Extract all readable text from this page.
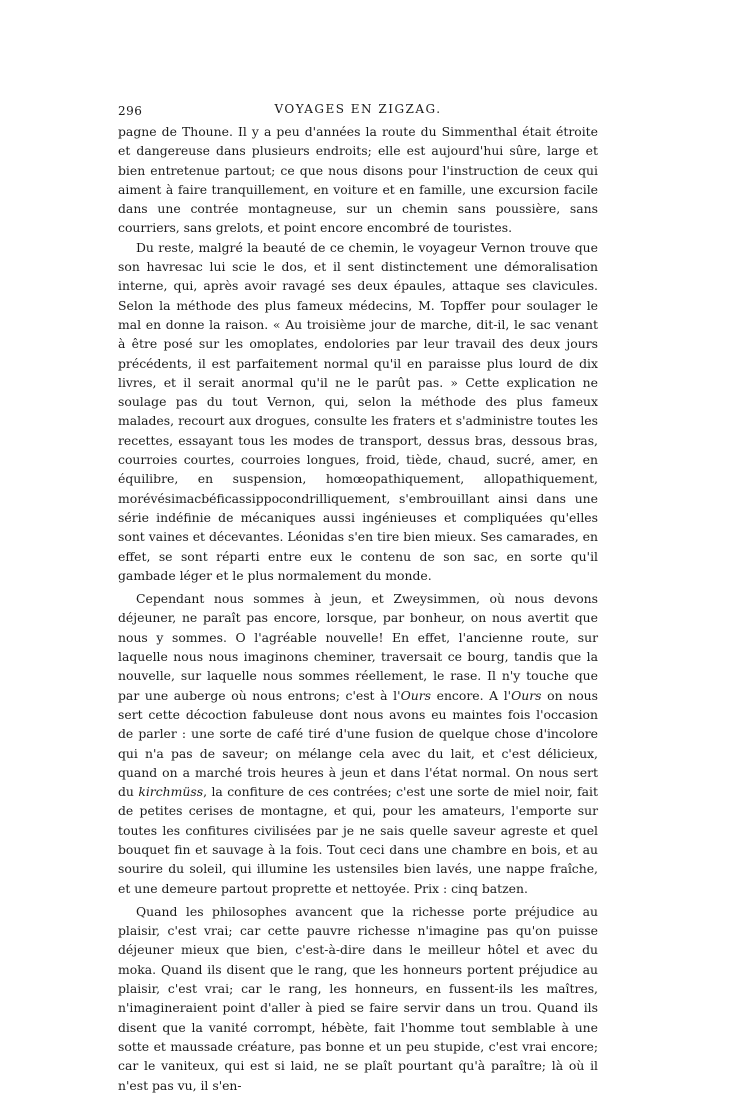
296	VOYAGES EN ZIGZAG.

pagne de Thoune. Il y a peu d'années la route du Simmenthal était étroite et dangereuse dans plusieurs endroits; elle est aujourd'hui sûre, large et bien entretenue partout; ce que nous disons pour l'instruction de ceux qui aiment à faire tranquillement, en voiture et en famille, une excursion facile dans une contrée montagneuse, sur un chemin sans poussière, sans courriers, sans grelots, et point encore encombré de touristes.

Du reste, malgré la beauté de ce chemin, le voyageur Vernon trouve que son havresac lui scie le dos, et il sent distinctement une démoralisation interne, qui, après avoir ravagé ses deux épaules, attaque ses clavicules. Selon la méthode des plus fameux médecins, M. Topffer pour soulager le mal en donne la raison. « Au troisième jour de marche, dit-il, le sac venant à être posé sur les omoplates, endolories par leur travail des deux jours précédents, il est parfaitement normal qu'il en paraisse plus lourd de dix livres, et il serait anormal qu'il ne le parût pas. » Cette explication ne soulage pas du tout Vernon, qui, selon la méthode des plus fameux malades, recourt aux drogues, consulte les fraters et s'administre toutes les recettes, essayant tous les modes de transport, dessus bras, dessous bras, courroies courtes, courroies longues, froid, tiède, chaud, sucré, amer, en équilibre, en suspension, homœopathiquement, allopathiquement, morévésimacbéficassippocondrilliquement, s'embrouillant ainsi dans une série indéfinie de mécaniques aussi ingénieuses et compliquées qu'elles sont vaines et décevantes. Léonidas s'en tire bien mieux. Ses camarades, en effet, se sont réparti entre eux le contenu de son sac, en sorte qu'il gambade léger et le plus normalement du monde.

Cependant nous sommes à jeun, et Zweysimmen, où nous devons déjeuner, ne paraît pas encore, lorsque, par bonheur, on nous avertit que nous y sommes. O l'agréable nouvelle! En effet, l'ancienne route, sur laquelle nous nous imaginons cheminer, traversait ce bourg, tandis que la nouvelle, sur laquelle nous sommes réellement, le rase. Il n'y touche que par une auberge où nous entrons; c'est à l'Ours encore. A l'Ours on nous sert cette décoction fabuleuse dont nous avons eu maintes fois l'occasion de parler : une sorte de café tiré d'une fusion de quelque chose d'incolore qui n'a pas de saveur; on mélange cela avec du lait, et c'est délicieux, quand on a marché trois heures à jeun et dans l'état normal. On nous sert du kirchmüss, la confiture de ces contrées; c'est une sorte de miel noir, fait de petites cerises de montagne, et qui, pour les amateurs, l'emporte sur toutes les confitures civilisées par je ne sais quelle saveur agreste et quel bouquet fin et sauvage à la fois. Tout ceci dans une chambre en bois, et au sourire du soleil, qui illumine les ustensiles bien lavés, une nappe fraîche, et une demeure partout proprette et nettoyée. Prix : cinq batzen.

Quand les philosophes avancent que la richesse porte préjudice au plaisir, c'est vrai; car cette pauvre richesse n'imagine pas qu'on puisse déjeuner mieux que bien, c'est-à-dire dans le meilleur hôtel et avec du moka. Quand ils disent que le rang, que les honneurs portent préjudice au plaisir, c'est vrai; car le rang, les honneurs, en fussent-ils les maîtres, n'imagineraient point d'aller à pied se faire servir dans un trou. Quand ils disent que la vanité corrompt, hébète, fait l'homme tout semblable à une sotte et maussade créature, pas bonne et un peu stupide, c'est vrai encore; car le vaniteux, qui est si laid, ne se plaît pourtant qu'à paraître; là où il n'est pas vu, il s'en-
